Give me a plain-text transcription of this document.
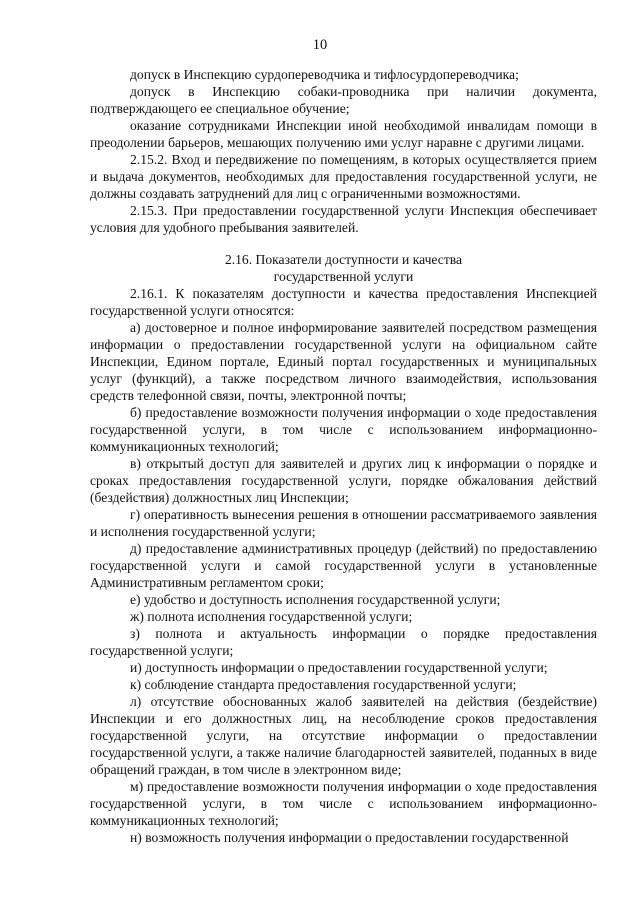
10

допуск в Инспекцию сурдопереводчика и тифлосурдопереводчика;

допуск в Инспекцию собаки-проводника при наличии документа, подтверждающего ее специальное обучение;

оказание сотрудниками Инспекции иной необходимой инвалидам помощи в преодолении барьеров, мешающих получению ими услуг наравне с другими лицами.

2.15.2. Вход и передвижение по помещениям, в которых осуществляется прием и выдача документов, необходимых для предоставления государственной услуги, не должны создавать затруднений для лиц с ограниченными возможностями.

2.15.3. При предоставлении государственной услуги Инспекция обеспечивает условия для удобного пребывания заявителей.

2.16. Показатели доступности и качества
государственной услуги

2.16.1. К показателям доступности и качества предоставления Инспекцией государственной услуги относятся:

а) достоверное и полное информирование заявителей посредством размещения информации о предоставлении государственной услуги на официальном сайте Инспекции, Едином портале, Единый портал государственных и муниципальных услуг (функций), а также посредством личного взаимодействия, использования средств телефонной связи, почты, электронной почты;

б) предоставление возможности получения информации о ходе предоставления государственной услуги, в том числе с использованием информационно-коммуникационных технологий;

в) открытый доступ для заявителей и других лиц к информации о порядке и сроках предоставления государственной услуги, порядке обжалования действий (бездействия) должностных лиц Инспекции;

г) оперативность вынесения решения в отношении рассматриваемого заявления и исполнения государственной услуги;

д) предоставление административных процедур (действий) по предоставлению государственной услуги и самой государственной услуги в установленные Административным регламентом сроки;

е) удобство и доступность исполнения государственной услуги;

ж) полнота исполнения государственной услуги;

з) полнота и актуальность информации о порядке предоставления государственной услуги;

и) доступность информации о предоставлении государственной услуги;

к) соблюдение стандарта предоставления государственной услуги;

л) отсутствие обоснованных жалоб заявителей на действия (бездействие) Инспекции и его должностных лиц, на несоблюдение сроков предоставления государственной услуги, на отсутствие информации о предоставлении государственной услуги, а также наличие благодарностей заявителей, поданных в виде обращений граждан, в том числе в электронном виде;

м) предоставление возможности получения информации о ходе предоставления государственной услуги, в том числе с использованием информационно-коммуникационных технологий;

н) возможность получения информации о предоставлении государственной
